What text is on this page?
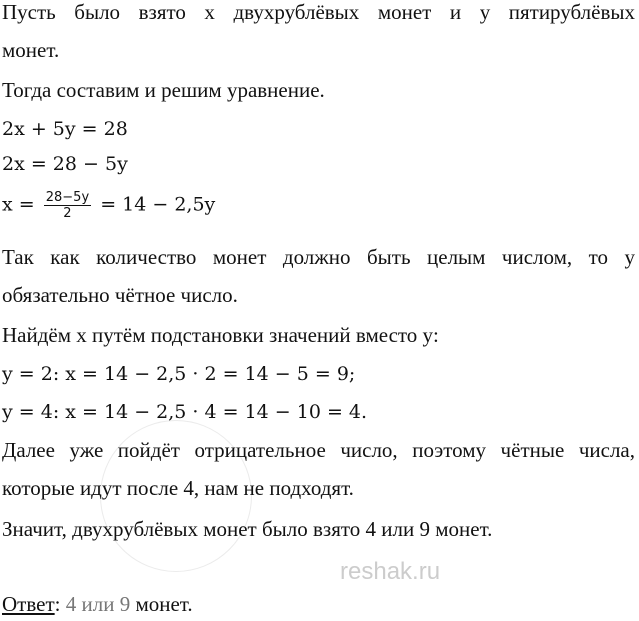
reshak.ru
Пусть было взято x двухрублёвых монет и y пятирублёвых
монет.
Тогда составим и решим уравнение.
2x + 5y = 28
2x = 28 − 5y
$x = \frac{28-5y}{2} = 14 - 2,5y$
Так как количество монет должно быть целым числом, то y
обязательно чётное число.
Найдём x путём подстановки значений вместо y:
y = 2: x = 14 − 2,5 · 2 = 14 − 5 = 9;
y = 4: x = 14 − 2,5 · 4 = 14 − 10 = 4.
Далее уже пойдёт отрицательное число, поэтому чётные числа,
которые идут после 4, нам не подходят.
Значит, двухрублёвых монет было взято 4 или 9 монет.
Ответ: 4 или 9 монет.
